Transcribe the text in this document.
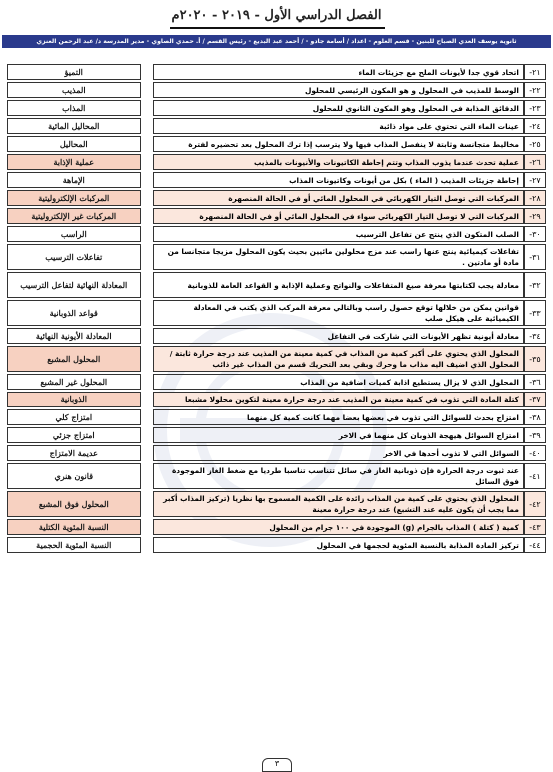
الفصل الدراسي الأول - ٢٠١٩ - ٢٠٢٠م
ثانوية يوسف العدي الصباح للبنين - قسم العلوم - اعداد / أسامة جادو - / أحمد عبد البديع - رئيس القسم / أ. حمدي الصاوي - مدير المدرسة د/ عبد الرحمن العنزي
٢١-	اتحاد قوي جدا لأيونات الملح مع جزيئات الماء		التميؤ
٢٢-	الوسط للمذيب في المحلول و هو المكون الرئيسي للمحلول		المذيب
٢٣-	الدقائق المذابة في المحلول وهو المكون الثانوي للمحلول		المذاب
٢٤-	عينات الماء التي تحتوي على مواد ذائبة		المحاليل المائية
٢٥-	مخاليط متجانسة وثابتة لا ينفصل المذاب فيها ولا يترسب إذا ترك المحلول بعد تحضيره لفترة		المحاليل
٢٦-	عملية تحدث عندما يذوب المذاب وتتم إحاطة الكاتيونات والأنيونات بالمذيب		عملية الإذابة
٢٧-	إحاطة جزيئات المذيب ( الماء ) بكل من أيونات وكاتيونات المذاب		الإماهة
٢٨-	المركبات التي توصل التيار الكهربائي في المحلول المائي أو في الحالة المنصهرة		المركبات الإلكتروليتية
٢٩-	المركبات التي لا توصل التيار الكهربائي سواء في المحلول المائي أو في الحالة المنصهرة		المركبات غير الإلكتروليتية
٣٠-	الصلب المتكون الذي ينتج عن تفاعل الترسيب		الراسب
٣١-	تفاعلات كيميائية ينتج عنها راسب عند مزج محلولين مائيين بحيث يكون المحلول مزيجا متجانسا من مادة أو مادتين .		تفاعلات الترسيب
٣٢-	معادلة يجب لكتابتها معرفة صيغ المتفاعلات والنواتج وعملية الإذابة و القواعد العامة للذوبانية		المعادلة النهائية لتفاعل الترسيب
٣٣-	قوانين يمكن من خلالها توقع حصول راسب وبالتالي معرفة المركب الذي يكتب في المعادلة الكيميائية على هيكل صلب		قواعد الذوبانية
٣٤-	معادلة أيونية تظهر الأيونات التي شاركت في التفاعل		المعادلة الأيونية النهائية
٣٥-	المحلول الذي يحتوي على أكبر كمية من المذاب في كمية معينة من المذيب عند درجة حرارة ثابتة / المحلول الذي اضيف اليه مذاب ما وحرك وبقي بعد التحريك قسم من المذاب غير ذائب		المحلول المشبع
٣٦-	المحلول الذي لا يزال يستطيع اذابة كميات اضافية من المذاب		المحلول غير المشبع
٣٧-	كتلة المادة التي تذوب في كمية معينة من المذيب عند درجة حرارة معينة لتكوين محلولا مشبعا		الذوبانية
٣٨-	امتزاج بحدث للسوائل التي تذوب في بعضها بعضا مهما كانت كمية كل منهما		امتزاج كلي
٣٩-	امتزاج السوائل هيهجة الذوبان كل منهما في الاخر		امتزاج جزئي
٤٠-	السوائل التي لا تذوب أحدها في الاخر		عديمة الامتزاج
٤١-	عند ثبوت درجة الحرارة فإن ذوبانية الغاز في سائل تتناسب تناسبا طرديا مع ضغط الغاز الموجودة فوق السائل		قانون هنري
٤٢-	المحلول الذي يحتوي على كمية من المذاب زائدة على الكمية المسموح بها نظريا (تركيز المذاب أكبر مما يجب أن يكون عليه عند التشبع) عند درجة حرارة معينة		المحلول فوق المشبع
٤٣-	كمية ( كتلة ) المذاب بالجرام (g) الموجودة في ١٠٠ جرام من المحلول		النسبة المئوية الكتلية
٤٤-	تركيز المادة المذابة بالنسبة المئوية لحجمها في المحلول		النسبة المئوية الحجمية
٣
